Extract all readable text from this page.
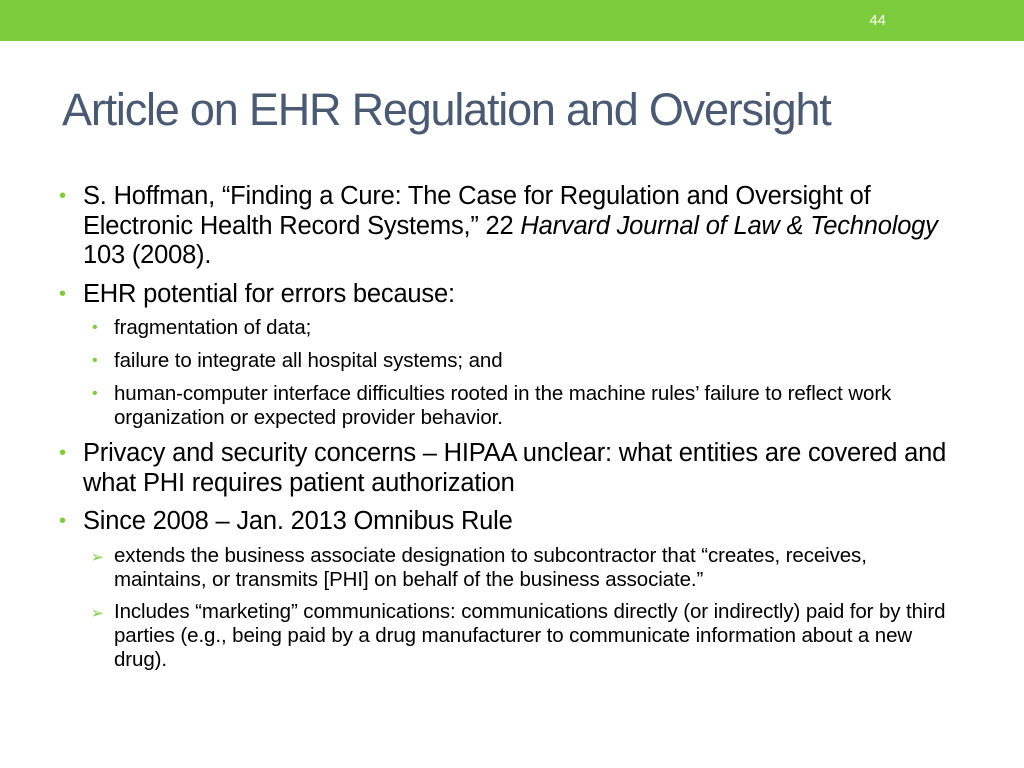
44
Article on EHR Regulation and Oversight
• S. Hoffman, “Finding a Cure: The Case for Regulation and Oversight of Electronic Health Record Systems,” 22 Harvard Journal of Law & Technology 103 (2008).
• EHR potential for errors because:
• fragmentation of data;
• failure to integrate all hospital systems; and
• human-computer interface difficulties rooted in the machine rules’ failure to reflect work organization or expected provider behavior.
• Privacy and security concerns – HIPAA unclear: what entities are covered and what PHI requires patient authorization
• Since 2008 – Jan. 2013 Omnibus Rule
➢ extends the business associate designation to subcontractor that “creates, receives, maintains, or transmits [PHI] on behalf of the business associate.”
➢ Includes “marketing” communications: communications directly (or indirectly) paid for by third parties (e.g., being paid by a drug manufacturer to communicate information about a new drug).
